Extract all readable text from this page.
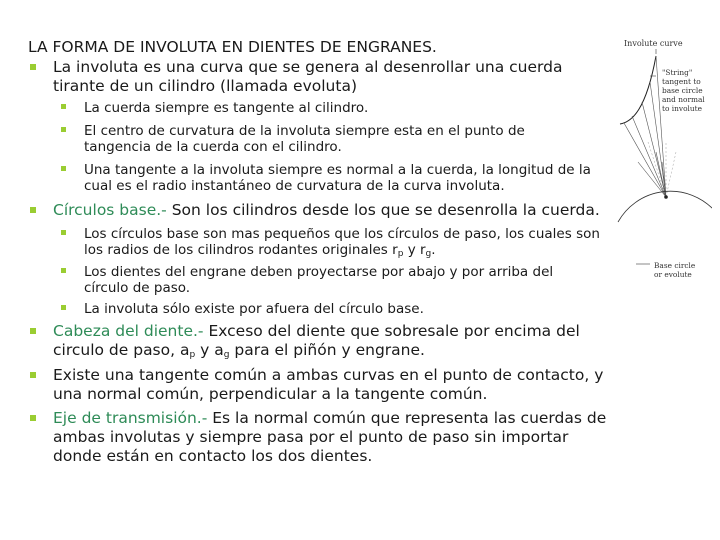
LA FORMA DE INVOLUTA EN DIENTES DE ENGRANES.
La involuta es una curva que se genera al desenrollar una cuerda tirante de un cilindro (llamada evoluta)
La cuerda siempre es tangente al cilindro.
El centro de curvatura de la involuta siempre esta en el punto de tangencia de la cuerda con el cilindro.
Una tangente a la involuta siempre es normal a la cuerda, la longitud de la cual es el radio instantáneo de curvatura de la curva involuta.
Círculos base.- Son los cilindros desde los que se desenrolla la cuerda.
Los círculos base son mas pequeños que los círculos de paso, los cuales son los radios de los cilindros rodantes originales $r_p$ y $r_g$.
Los dientes del engrane deben proyectarse por abajo y por arriba del círculo de paso.
La involuta sólo existe por afuera del círculo base.
Cabeza del diente.- Exceso del diente que sobresale por encima del circulo de paso, $a_p$ y $a_g$ para el piñón y engrane.
Existe una tangente común a ambas curvas en el punto de contacto, y una normal común, perpendicular a la tangente común.
Eje de transmisión.- Es la normal común que representa las cuerdas de ambas involutas y siempre pasa por el punto de paso sin importar donde están en contacto los dos dientes.
Involute curve
"String" tangent to base circle and normal to involute
Base circle or evolute
